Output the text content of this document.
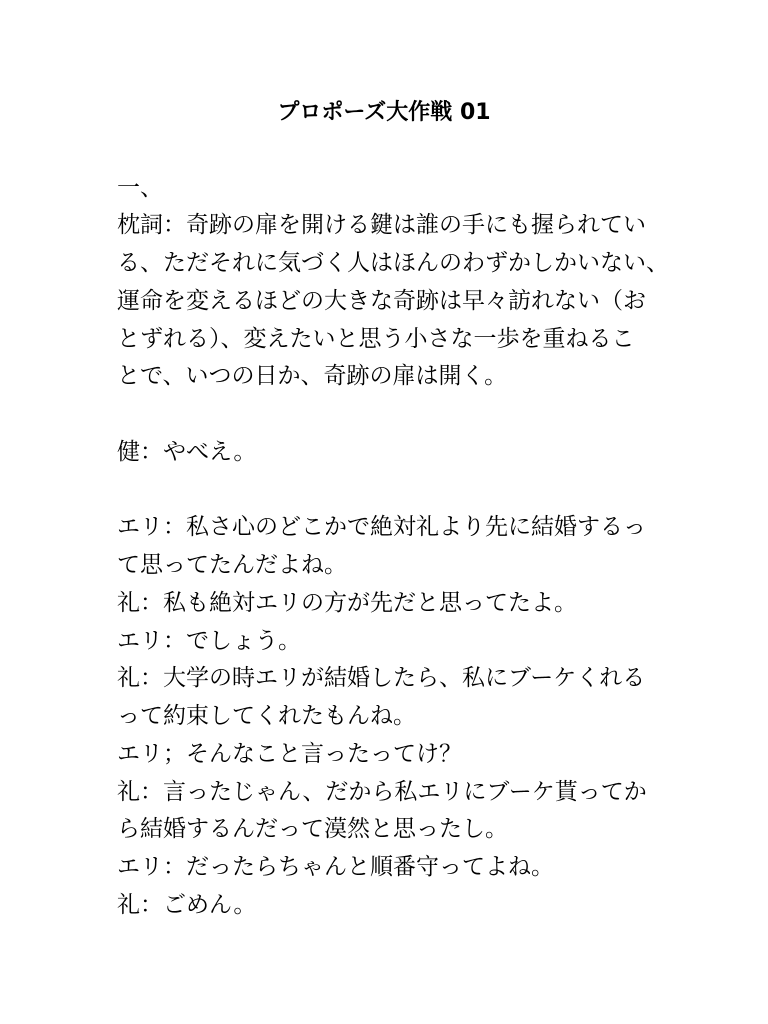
プロポーズ大作戦 01
一、
枕詞：奇跡の扉を開ける鍵は誰の手にも握られてい
る、ただそれに気づく人はほんのわずかしかいない、
運命を変えるほどの大きな奇跡は早々訪れない（お
とずれる）、変えたいと思う小さな一歩を重ねるこ
とで、いつの日か、奇跡の扉は開く。
健：やべえ。
エリ：私さ心のどこかで絶対礼より先に結婚するっ
て思ってたんだよね。
礼：私も絶対エリの方が先だと思ってたよ。
エリ：でしょう。
礼：大学の時エリが結婚したら、私にブーケくれる
って約束してくれたもんね。
エリ；そんなこと言ったってけ？
礼：言ったじゃん、だから私エリにブーケ貰ってか
ら結婚するんだって漠然と思ったし。
エリ：だったらちゃんと順番守ってよね。
礼：ごめん。
